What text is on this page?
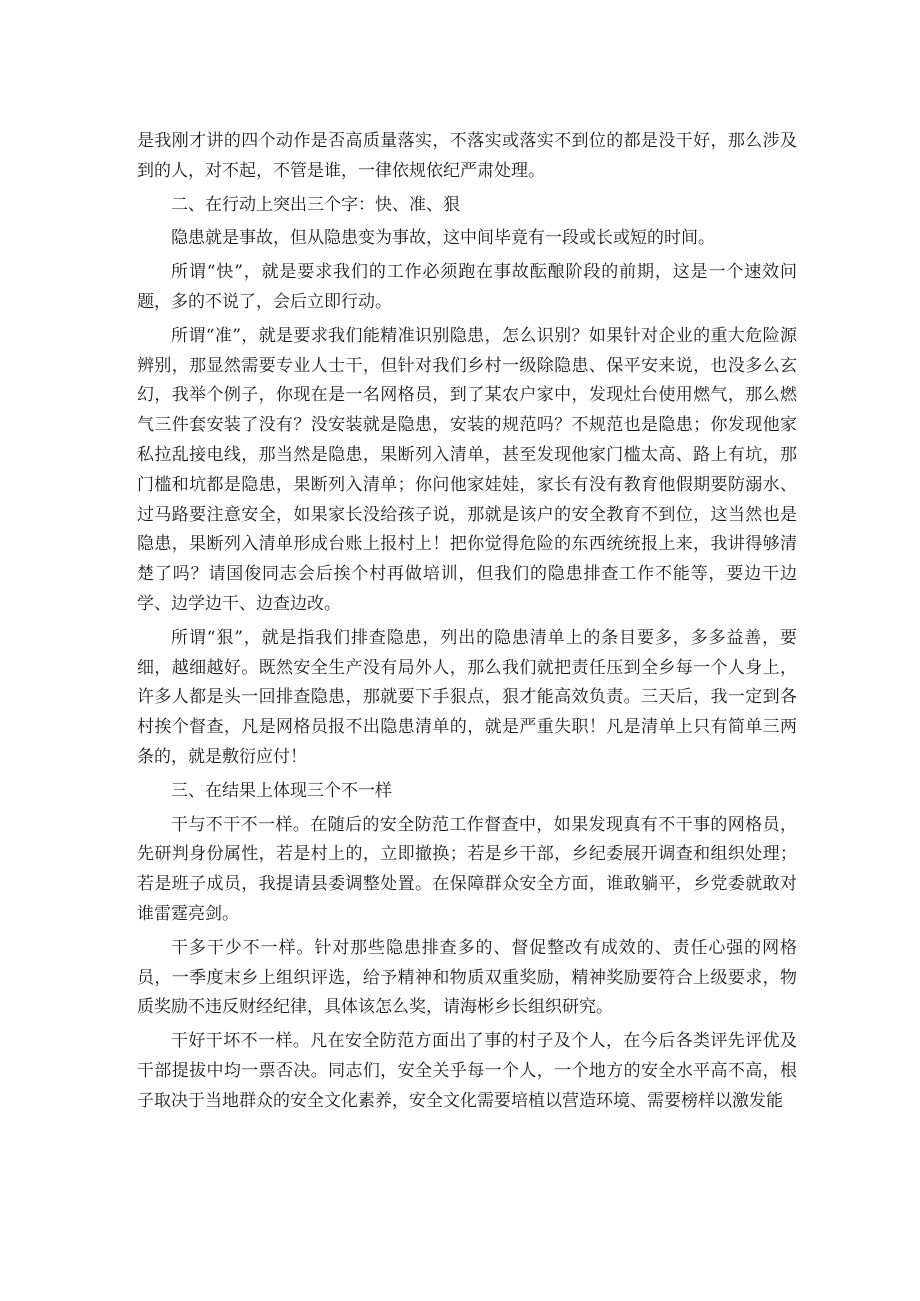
是我刚才讲的四个动作是否高质量落实，不落实或落实不到位的都是没干好，那么涉及到的人，对不起，不管是谁，一律依规依纪严肃处理。

二、在行动上突出三个字：快、准、狠

隐患就是事故，但从隐患变为事故，这中间毕竟有一段或长或短的时间。

所谓“快”，就是要求我们的工作必须跑在事故酝酿阶段的前期，这是一个速效问题，多的不说了，会后立即行动。

所谓“准”，就是要求我们能精准识别隐患，怎么识别？如果针对企业的重大危险源辨别，那显然需要专业人士干，但针对我们乡村一级除隐患、保平安来说，也没多么玄幻，我举个例子，你现在是一名网格员，到了某农户家中，发现灶台使用燃气，那么燃气三件套安装了没有？没安装就是隐患，安装的规范吗？不规范也是隐患；你发现他家私拉乱接电线，那当然是隐患，果断列入清单，甚至发现他家门槛太高、路上有坑，那门槛和坑都是隐患，果断列入清单；你问他家娃娃，家长有没有教育他假期要防溺水、过马路要注意安全，如果家长没给孩子说，那就是该户的安全教育不到位，这当然也是隐患，果断列入清单形成台账上报村上！把你觉得危险的东西统统报上来，我讲得够清楚了吗？请国俊同志会后挨个村再做培训，但我们的隐患排查工作不能等，要边干边学、边学边干、边查边改。

所谓“狠”，就是指我们排查隐患，列出的隐患清单上的条目要多，多多益善，要细，越细越好。既然安全生产没有局外人，那么我们就把责任压到全乡每一个人身上，许多人都是头一回排查隐患，那就要下手狠点，狠才能高效负责。三天后，我一定到各村挨个督查，凡是网格员报不出隐患清单的，就是严重失职！凡是清单上只有简单三两条的，就是敷衍应付！

三、在结果上体现三个不一样

干与不干不一样。在随后的安全防范工作督查中，如果发现真有不干事的网格员，先研判身份属性，若是村上的，立即撤换；若是乡干部，乡纪委展开调查和组织处理；若是班子成员，我提请县委调整处置。在保障群众安全方面，谁敢躺平，乡党委就敢对谁雷霆亮剑。

干多干少不一样。针对那些隐患排查多的、督促整改有成效的、责任心强的网格员，一季度末乡上组织评选，给予精神和物质双重奖励，精神奖励要符合上级要求，物质奖励不违反财经纪律，具体该怎么奖，请海彬乡长组织研究。

干好干坏不一样。凡在安全防范方面出了事的村子及个人，在今后各类评先评优及干部提拔中均一票否决。同志们，安全关乎每一个人，一个地方的安全水平高不高，根子取决于当地群众的安全文化素养，安全文化需要培植以营造环境、需要榜样以激发能
